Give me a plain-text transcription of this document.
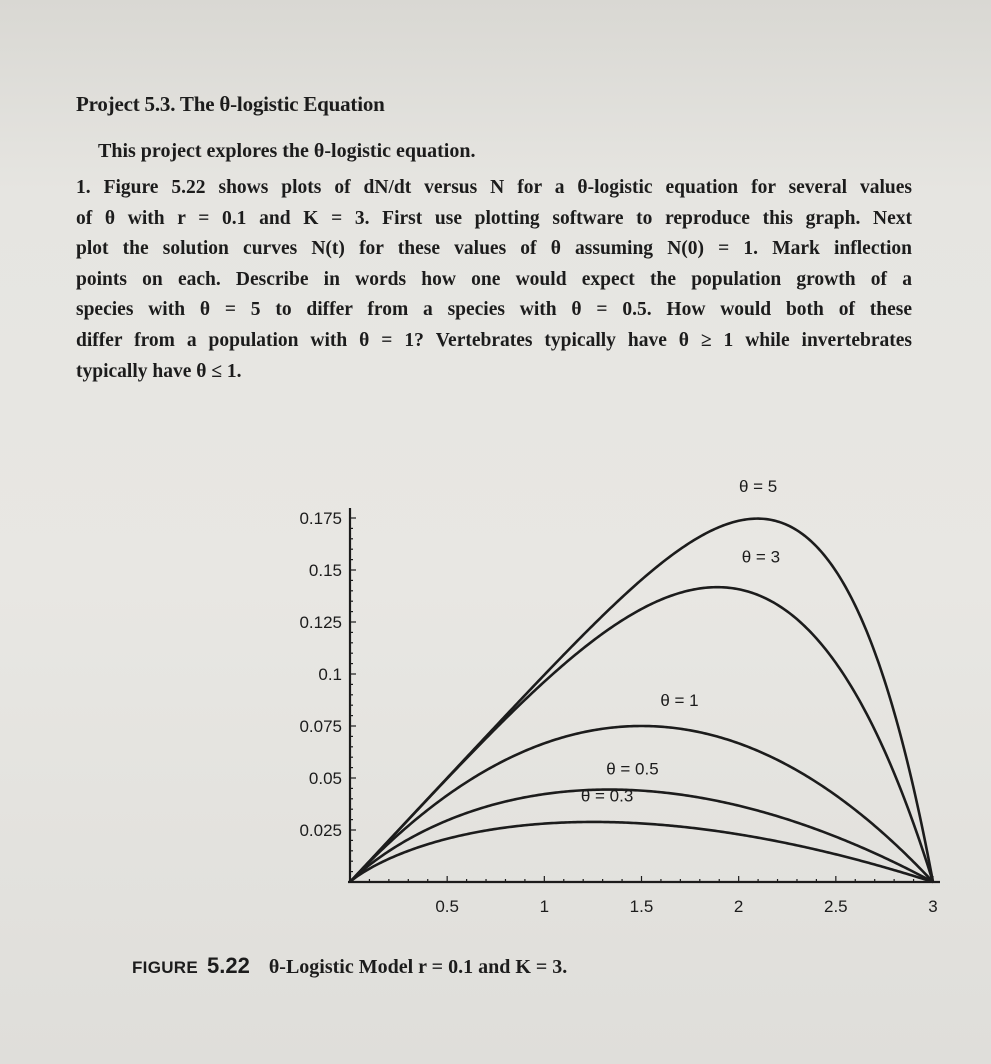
Project 5.3. The θ-logistic Equation
This project explores the θ-logistic equation.
1. Figure 5.22 shows plots of dN/dt versus N for a θ-logistic equation for several values
of θ with r = 0.1 and K = 3. First use plotting software to reproduce this graph. Next
plot the solution curves N(t) for these values of θ assuming N(0) = 1. Mark inflection
points on each. Describe in words how one would expect the population growth of a
species with θ = 5 to differ from a species with θ = 0.5. How would both of these
differ from a population with θ = 1? Vertebrates typically have θ ≥ 1 while invertebrates
typically have θ ≤ 1.
0.025
0.05
0.075
0.1
0.125
0.15
0.175
0.5	1	1.5	2	2.5	3
θ = 5
θ = 3
θ = 1
θ = 0.5
θ = 0.3
FIGURE 5.22 θ-Logistic Model r = 0.1 and K = 3.
